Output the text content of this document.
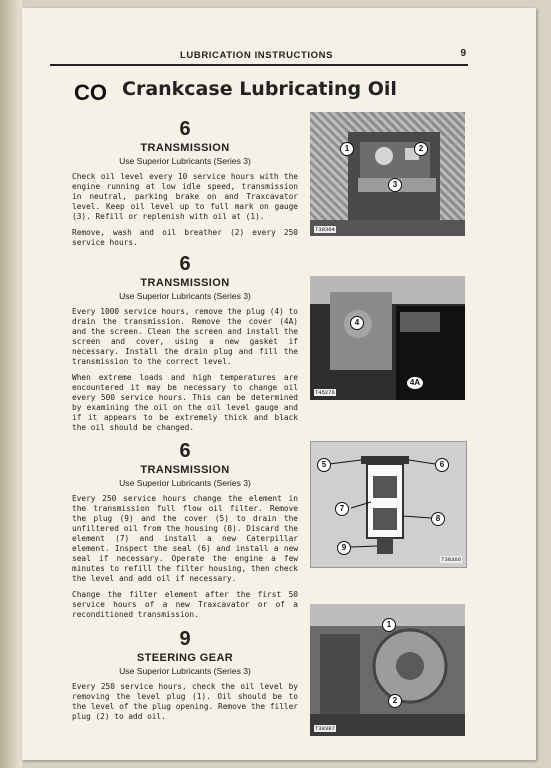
LUBRICATION INSTRUCTIONS	9
CO Crankcase Lubricating Oil
6
TRANSMISSION
Use Superior Lubricants (Series 3)

Check oil level every 10 service hours with the engine running at low idle speed, transmission in neutral, parking brake on and Traxcavator level. Keep oil level up to full mark on gauge (3). Refill or replenish with oil at (1).

Remove, wash and oil breather (2) every 250 service hours.

6
TRANSMISSION
Use Superior Lubricants (Series 3)

Every 1000 service hours, remove the plug (4) to drain the transmission. Remove the cover (4A) and the screen. Clean the screen and install the screen and cover, using a new gasket if necessary. Install the drain plug and fill the transmission to the correct level.

When extreme loads and high temperatures are encountered it may be necessary to change oil every 500 service hours. This can be determined by examining the oil on the oil level gauge and if it appears to be extremely thick and black the oil should be changed.

6
TRANSMISSION
Use Superior Lubricants (Series 3)

Every 250 service hours change the element in the transmission full flow oil filter. Remove the plug (9) and the cover (5) to drain the unfiltered oil from the housing (8). Discard the element (7) and install a new Caterpillar element. Inspect the seal (6) and install a new seal if necessary. Operate the engine a few minutes to refill the filter housing, then check the level and add oil if necessary.

Change the filter element after the first 50 service hours of a new Traxcavator or of a reconditioned transmission.

9
STEERING GEAR
Use Superior Lubricants (Series 3)

Every 250 service hours, check the oil level by removing the level plug (1). Oil should be to the level of the plug opening. Remove the filler plug (2) to add oil.

1	2
3
T38364
4
4A
T45276
5	6
7
8
9
T38366
1
2
T38387
